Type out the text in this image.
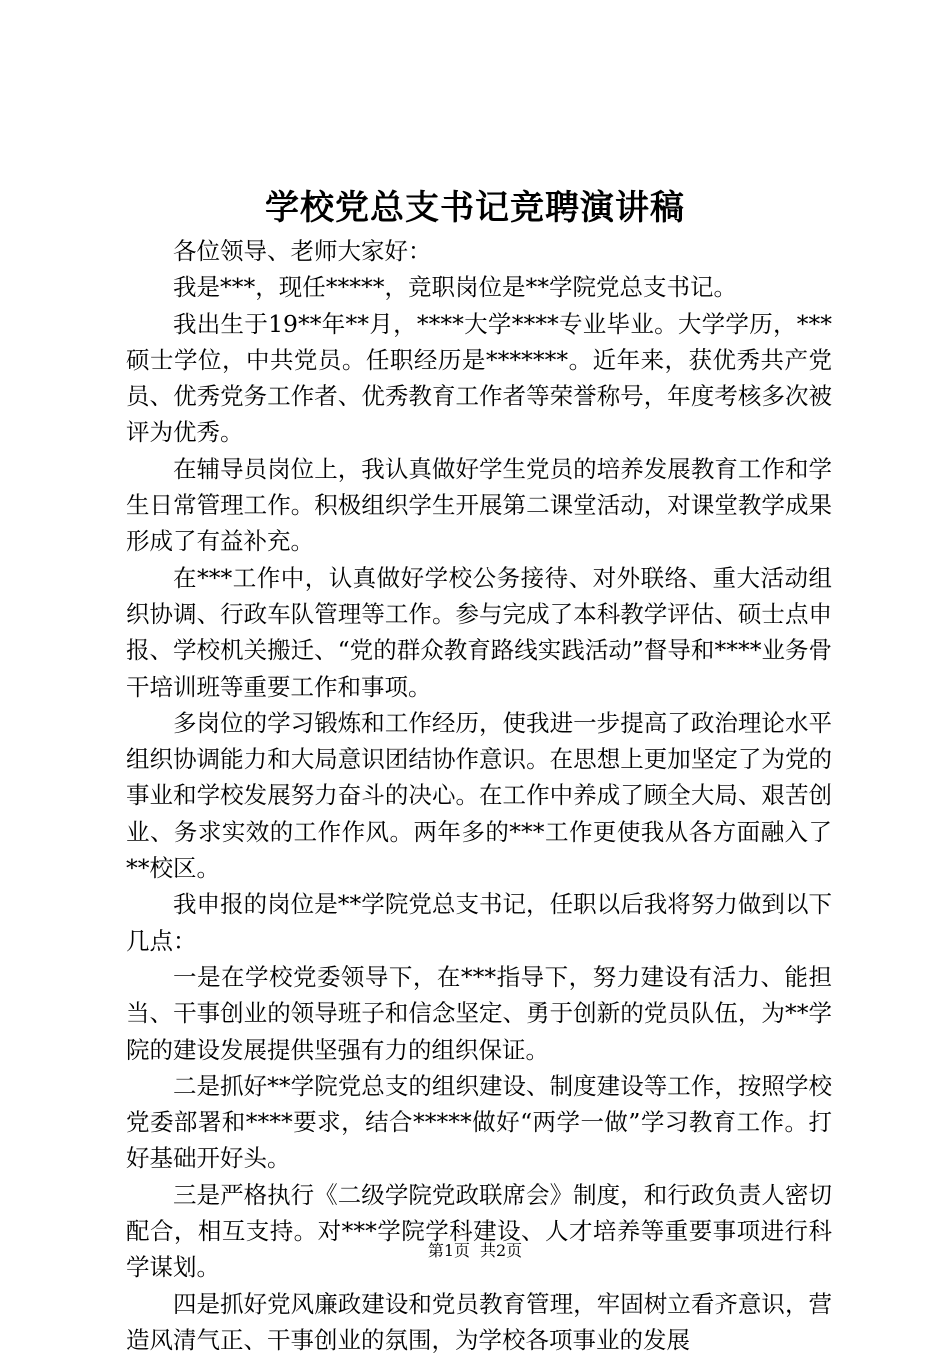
学校党总支书记竞聘演讲稿

各位领导、老师大家好：

我是***，现任*****，竞职岗位是**学院党总支书记。

我出生于19**年**月，****大学****专业毕业。大学学历，***硕士学位，中共党员。任职经历是*******。近年来，获优秀共产党员、优秀党务工作者、优秀教育工作者等荣誉称号，年度考核多次被评为优秀。

在辅导员岗位上，我认真做好学生党员的培养发展教育工作和学生日常管理工作。积极组织学生开展第二课堂活动，对课堂教学成果形成了有益补充。

在***工作中，认真做好学校公务接待、对外联络、重大活动组织协调、行政车队管理等工作。参与完成了本科教学评估、硕士点申报、学校机关搬迁、“党的群众教育路线实践活动”督导和****业务骨干培训班等重要工作和事项。

多岗位的学习锻炼和工作经历，使我进一步提高了政治理论水平组织协调能力和大局意识团结协作意识。在思想上更加坚定了为党的事业和学校发展努力奋斗的决心。在工作中养成了顾全大局、艰苦创业、务求实效的工作作风。两年多的***工作更使我从各方面融入了**校区。

我申报的岗位是**学院党总支书记，任职以后我将努力做到以下几点：

一是在学校党委领导下，在***指导下，努力建设有活力、能担当、干事创业的领导班子和信念坚定、勇于创新的党员队伍，为**学院的建设发展提供坚强有力的组织保证。

二是抓好**学院党总支的组织建设、制度建设等工作，按照学校党委部署和****要求，结合*****做好“两学一做”学习教育工作。打好基础开好头。

三是严格执行《二级学院党政联席会》制度，和行政负责人密切配合，相互支持。对***学院学科建设、人才培养等重要事项进行科学谋划。

四是抓好党风廉政建设和党员教育管理，牢固树立看齐意识，营造风清气正、干事创业的氛围，为学校各项事业的发展

第1页 共2页
